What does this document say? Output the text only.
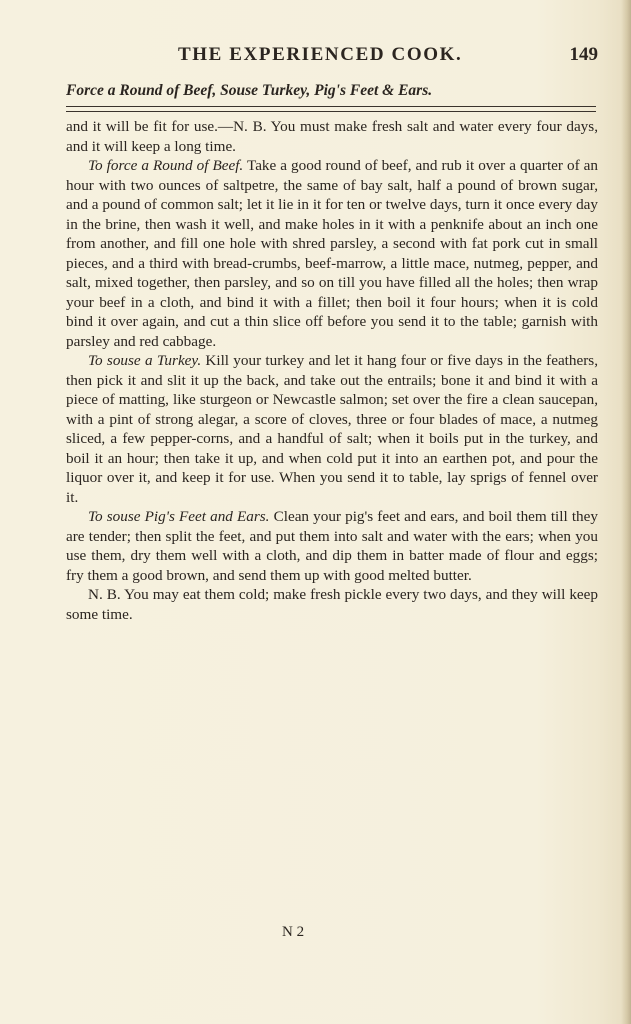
THE EXPERIENCED COOK.	149
Force a Round of Beef, Souse Turkey, Pig's Feet & Ears.

and it will be fit for use.—N. B. You must make fresh salt and water every four days, and it will keep a long time.

To force a Round of Beef. Take a good round of beef, and rub it over a quarter of an hour with two ounces of saltpetre, the same of bay salt, half a pound of brown sugar, and a pound of common salt; let it lie in it for ten or twelve days, turn it once every day in the brine, then wash it well, and make holes in it with a penknife about an inch one from another, and fill one hole with shred parsley, a second with fat pork cut in small pieces, and a third with bread-crumbs, beef-marrow, a little mace, nutmeg, pepper, and salt, mixed together, then parsley, and so on till you have filled all the holes; then wrap your beef in a cloth, and bind it with a fillet; then boil it four hours; when it is cold bind it over again, and cut a thin slice off before you send it to the table; garnish with parsley and red cabbage.

To souse a Turkey. Kill your turkey and let it hang four or five days in the feathers, then pick it and slit it up the back, and take out the entrails; bone it and bind it with a piece of matting, like sturgeon or Newcastle salmon; set over the fire a clean saucepan, with a pint of strong alegar, a score of cloves, three or four blades of mace, a nutmeg sliced, a few pepper-corns, and a handful of salt; when it boils put in the turkey, and boil it an hour; then take it up, and when cold put it into an earthen pot, and pour the liquor over it, and keep it for use. When you send it to table, lay sprigs of fennel over it.

To souse Pig's Feet and Ears. Clean your pig's feet and ears, and boil them till they are tender; then split the feet, and put them into salt and water with the ears; when you use them, dry them well with a cloth, and dip them in batter made of flour and eggs; fry them a good brown, and send them up with good melted butter.

N. B. You may eat them cold; make fresh pickle every two days, and they will keep some time.

N 2
